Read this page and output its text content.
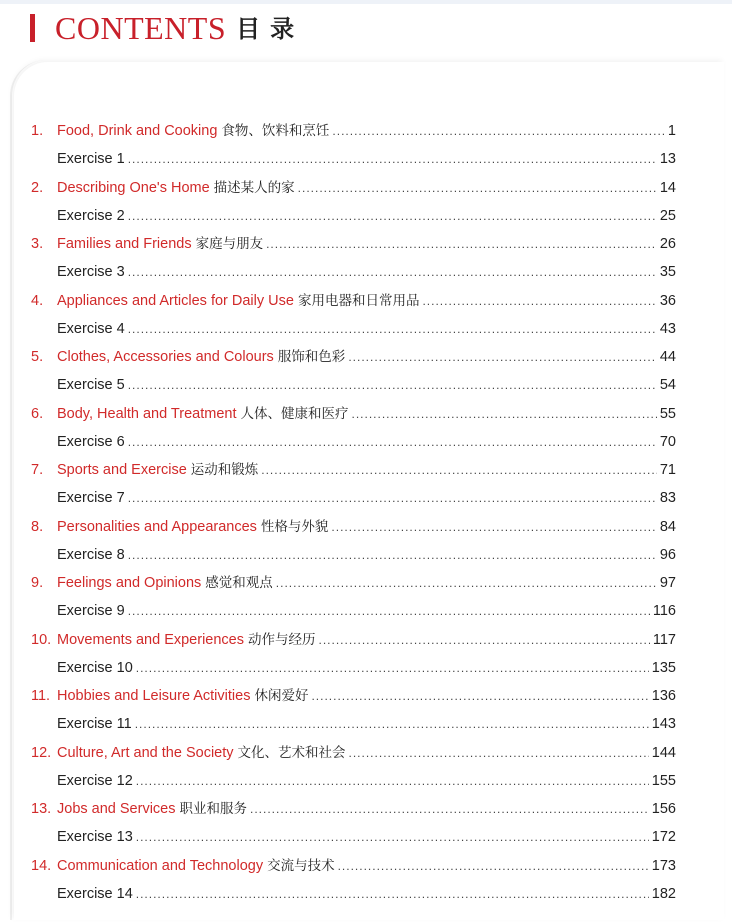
CONTENTS 目录
1. Food, Drink and Cooking 食物、饮料和烹饪 .....	1
Exercise 1 .....	13
2. Describing One's Home 描述某人的家 .....	14
Exercise 2 .....	25
3. Families and Friends 家庭与朋友 .....	26
Exercise 3 .....	35
4. Appliances and Articles for Daily Use 家用电器和日常用品 .....	36
Exercise 4 .....	43
5. Clothes, Accessories and Colours 服饰和色彩 .....	44
Exercise 5 .....	54
6. Body, Health and Treatment 人体、健康和医疗 .....	55
Exercise 6 .....	70
7. Sports and Exercise 运动和锻炼 .....	71
Exercise 7 .....	83
8. Personalities and Appearances 性格与外貌 .....	84
Exercise 8 .....	96
9. Feelings and Opinions 感觉和观点 .....	97
Exercise 9 .....	116
10. Movements and Experiences 动作与经历 .....	117
Exercise 10 .....	135
11. Hobbies and Leisure Activities 休闲爱好 .....	136
Exercise 11 .....	143
12. Culture, Art and the Society 文化、艺术和社会 .....	144
Exercise 12 .....	155
13. Jobs and Services 职业和服务 .....	156
Exercise 13 .....	172
14. Communication and Technology 交流与技术 .....	173
Exercise 14 .....	182
